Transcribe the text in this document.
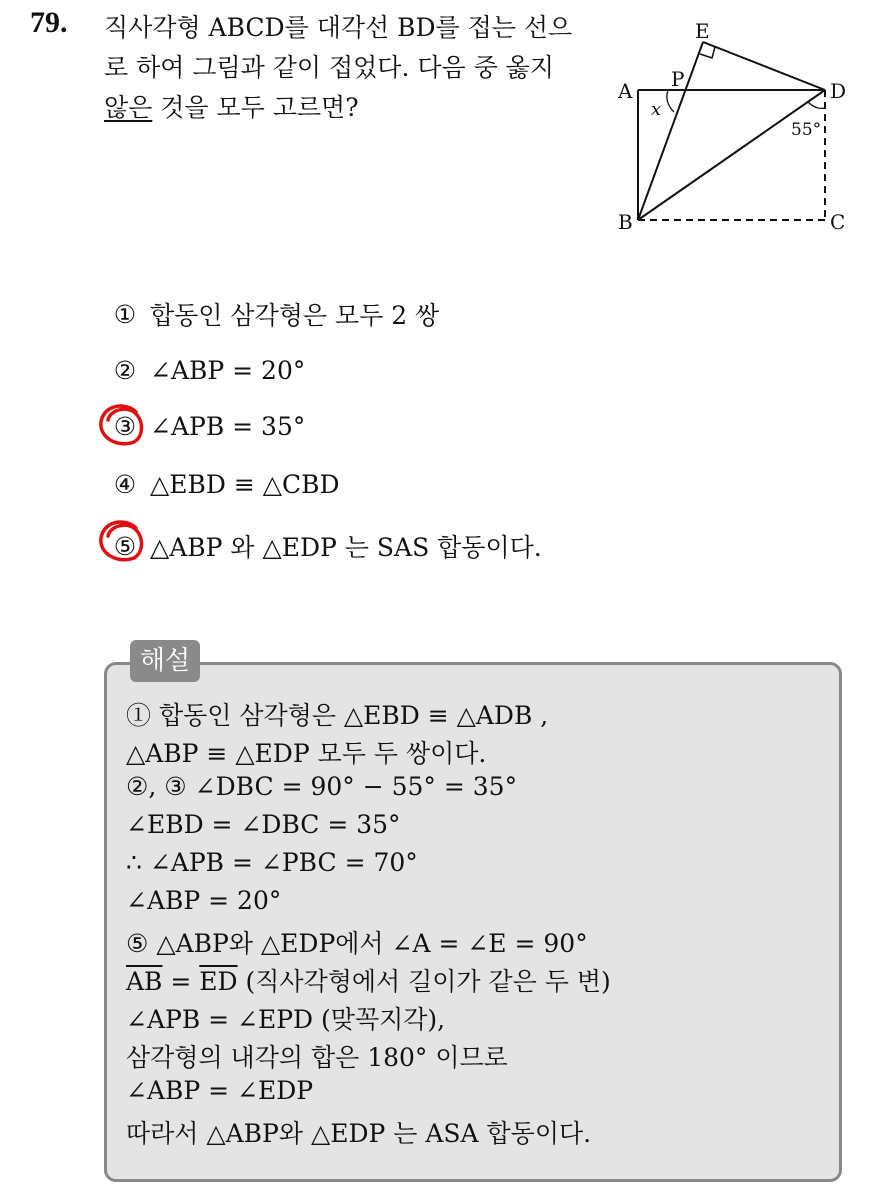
79. 직사각형 ABCD를 대각선 BD를 접는 선으
로 하여 그림과 같이 접었다. 다음 중 옳지
않은 것을 모두 고르면?
A
B	C
D
E
P
x
55°
① 합동인 삼각형은 모두 2 쌍
② ∠ABP = 20°
③ ∠APB = 35°
④ △EBD ≡ △CBD
⑤ △ABP 와 △EDP 는 SAS 합동이다.
해설
① 합동인 삼각형은 △EBD ≡ △ADB ,
△ABP ≡ △EDP 모두 두 쌍이다.
②, ③ ∠DBC = 90° − 55° = 35°
∠EBD = ∠DBC = 35°
∴ ∠APB = ∠PBC = 70°
∠ABP = 20°
⑤ △ABP와 △EDP에서 ∠A = ∠E = 90°
$\overline{AB} = \overline{ED}$ (직사각형에서 길이가 같은 두 변)
∠APB = ∠EPD (맞꼭지각),
삼각형의 내각의 합은 180° 이므로
∠ABP = ∠EDP
따라서 △ABP와 △EDP 는 ASA 합동이다.
